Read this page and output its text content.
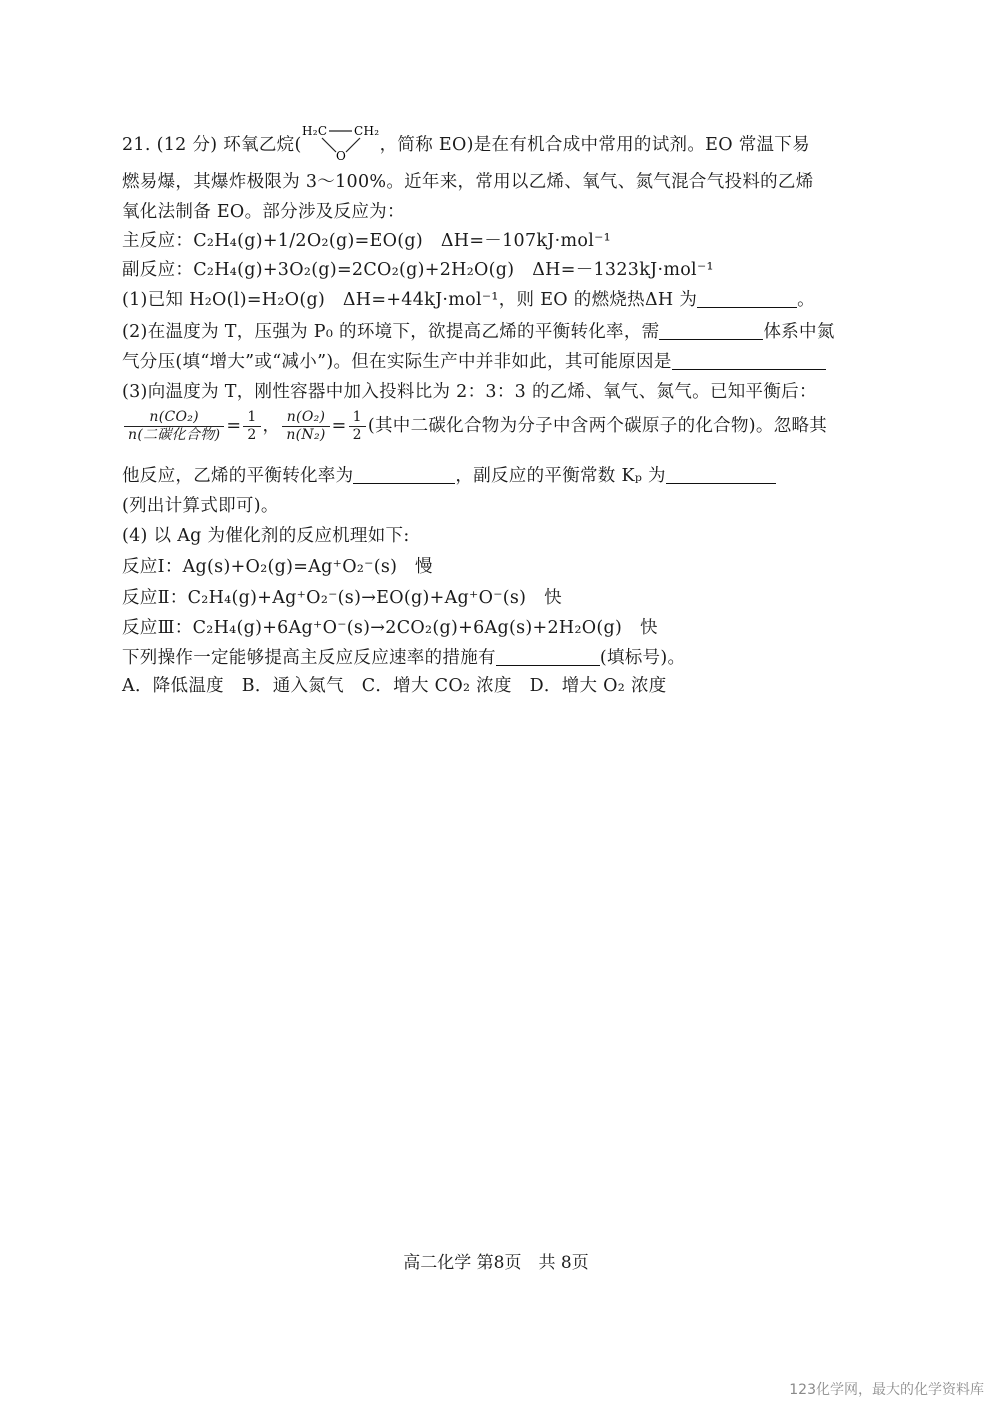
21. (12 分) 环氧乙烷(
H₂C CH₂
O
，简称 EO)是在有机合成中常用的试剂。EO 常温下易
燃易爆，其爆炸极限为 3～100%。近年来，常用以乙烯、氧气、氮气混合气投料的乙烯
氧化法制备 EO。部分涉及反应为：
主反应：C₂H₄(g)+1/2O₂(g)=EO(g)　ΔH=－107kJ·mol⁻¹
副反应：C₂H₄(g)+3O₂(g)=2CO₂(g)+2H₂O(g)　ΔH=－1323kJ·mol⁻¹
(1)已知 H₂O(l)=H₂O(g)　ΔH=+44kJ·mol⁻¹，则 EO 的燃烧热ΔH 为	。
(2)在温度为 T，压强为 P₀ 的环境下，欲提高乙烯的平衡转化率，需	体系中氮
气分压(填“增大”或“减小”)。但在实际生产中并非如此，其可能原因是
(3)向温度为 T，刚性容器中加入投料比为 2：3：3 的乙烯、氧气、氮气。已知平衡后：
$\frac{\text{n(CO₂)}}{\text{n(二碳化合物)}} = \frac{1}{2}$ ， $\frac{\text{n(O₂)}}{\text{n(N₂)}} = \frac{1}{2}$ (其中二碳化合物为分子中含两个碳原子的化合物)。忽略其
他反应，乙烯的平衡转化率为	，副反应的平衡常数 Kₚ 为
(列出计算式即可)。
(4) 以 Ag 为催化剂的反应机理如下:
反应Ⅰ：Ag(s)+O₂(g)=Ag⁺O₂⁻(s)　慢
反应Ⅱ：C₂H₄(g)+Ag⁺O₂⁻(s)→EO(g)+Ag⁺O⁻(s)　快
反应Ⅲ：C₂H₄(g)+6Ag⁺O⁻(s)→2CO₂(g)+6Ag(s)+2H₂O(g)　快
下列操作一定能够提高主反应反应速率的措施有	(填标号)。
A．降低温度　B．通入氮气　C．增大 CO₂ 浓度　D．增大 O₂ 浓度
高二化学 第8页　共 8页
123化学网，最大的化学资料库
